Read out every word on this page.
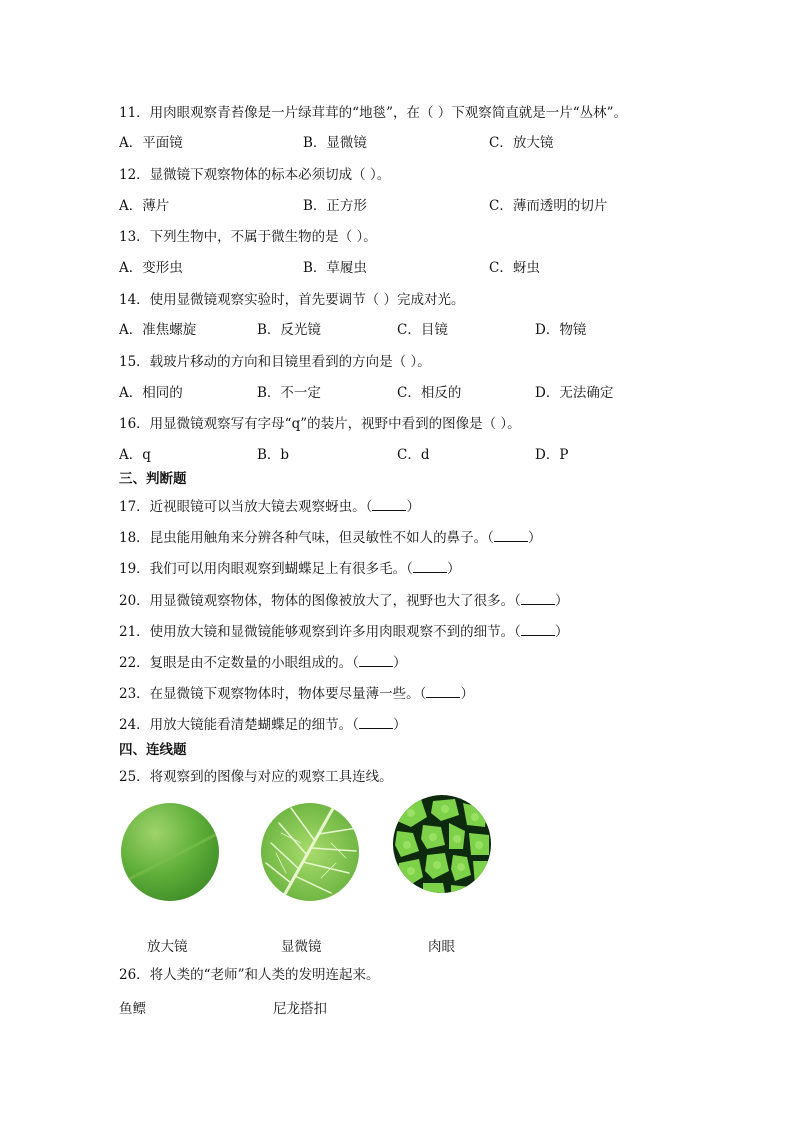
11．用肉眼观察青苔像是一片绿茸茸的“地毯”，在（ ）下观察简直就是一片“丛林”。
A．平面镜	B．显微镜	C．放大镜
12．显微镜下观察物体的标本必须切成（ ）。
A．薄片	B．正方形	C．薄而透明的切片
13．下列生物中，不属于微生物的是（ ）。
A．变形虫	B．草履虫	C．蚜虫
14．使用显微镜观察实验时，首先要调节（ ）完成对光。
A．准焦螺旋	B．反光镜	C．目镜	D．物镜
15．载玻片移动的方向和目镜里看到的方向是（ ）。
A．相同的	B．不一定	C．相反的	D．无法确定
16．用显微镜观察写有字母“q”的装片，视野中看到的图像是（ ）。
A．q	B．b	C．d	D．P
三、判断题
17．近视眼镜可以当放大镜去观察蚜虫。（	）
18．昆虫能用触角来分辨各种气味，但灵敏性不如人的鼻子。（	）
19．我们可以用肉眼观察到蝴蝶足上有很多毛。（	）
20．用显微镜观察物体，物体的图像被放大了，视野也大了很多。（	）
21．使用放大镜和显微镜能够观察到许多用肉眼观察不到的细节。（	）
22．复眼是由不定数量的小眼组成的。（	）
23．在显微镜下观察物体时，物体要尽量薄一些。（	）
24．用放大镜能看清楚蝴蝶足的细节。（	）
四、连线题
25．将观察到的图像与对应的观察工具连线。
放大镜	显微镜	肉眼
26．将人类的“老师”和人类的发明连起来。
鱼鳔	尼龙搭扣
